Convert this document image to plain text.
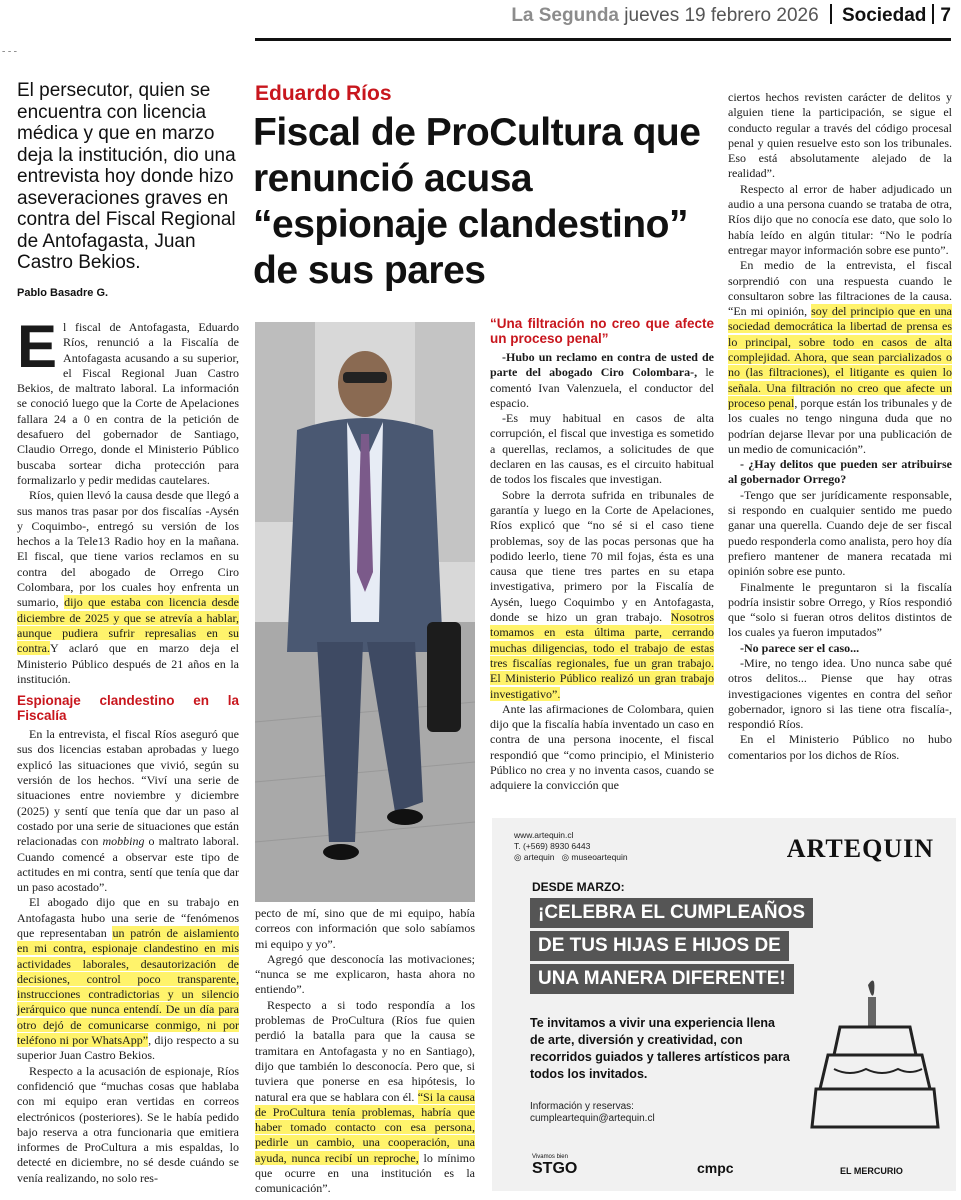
La Segunda jueves 19 febrero 2026 Sociedad 7
- - -

El persecutor, quien se encuentra con licencia médica y que en marzo deja la institución, dio una entrevista hoy donde hizo aseveraciones graves en contra del Fiscal Regional de Antofagasta, Juan Castro Bekios.

Pablo Basadre G.
Eduardo Ríos
Fiscal de ProCultura que renunció acusa “espionaje clandestino” de sus pares

El fiscal de Antofagasta, Eduardo Ríos, renunció a la Fiscalía de Antofagasta acusando a su superior, el Fiscal Regional Juan Castro Bekios, de maltrato laboral. La información se conoció luego que la Corte de Apelaciones fallara 24 a 0 en contra de la petición de desafuero del gobernador de Santiago, Claudio Orrego, donde el Ministerio Público buscaba sortear dicha protección para formalizarlo y pedir medidas cautelares.

Ríos, quien llevó la causa desde que llegó a sus manos tras pasar por dos fiscalías -Aysén y Coquimbo-, entregó su versión de los hechos a la Tele13 Radio hoy en la mañana. El fiscal, que tiene varios reclamos en su contra del abogado de Orrego Ciro Colombara, por los cuales hoy enfrenta un sumario, dijo que estaba con licencia desde diciembre de 2025 y que se atrevía a hablar, aunque pudiera sufrir represalias en su contra.Y aclaró que en marzo deja el Ministerio Público después de 21 años en la institución.

Espionaje clandestino en la Fiscalía

En la entrevista, el fiscal Ríos aseguró que sus dos licencias estaban aprobadas y luego explicó las situaciones que vivió, según su versión de los hechos. “Viví una serie de situaciones entre noviembre y diciembre (2025) y sentí que tenía que dar un paso al costado por una serie de situaciones que están relacionadas con mobbing o maltrato laboral. Cuando comencé a observar este tipo de actitudes en mi contra, sentí que tenía que dar un paso acostado”.

El abogado dijo que en su trabajo en Antofagasta hubo una serie de “fenómenos que representaban un patrón de aislamiento en mi contra, espionaje clandestino en mis actividades laborales, desautorización de decisiones, control poco transparente, instrucciones contradictorias y un silencio jerárquico que nunca entendí. De un día para otro dejó de comunicarse conmigo, ni por teléfono ni por WhatsApp”, dijo respecto a su superior Juan Castro Bekios.

Respecto a la acusación de espionaje, Ríos confidenció que “muchas cosas que hablaba con mi equipo eran vertidas en correos electrónicos (posteriores). Se le había pedido bajo reserva a otra funcionaria que emitiera informes de ProCultura a mis espaldas, lo detecté en diciembre, no sé desde cuándo se venía realizando, no solo res-

pecto de mí, sino que de mi equipo, había correos con información que solo sabíamos mi equipo y yo”.

Agregó que desconocía las motivaciones; “nunca se me explicaron, hasta ahora no entiendo”.

Respecto a si todo respondía a los problemas de ProCultura (Ríos fue quien perdió la batalla para que la causa se tramitara en Antofagasta y no en Santiago), dijo que también lo desconocía. Pero que, si tuviera que ponerse en esa hipótesis, lo natural era que se hablara con él. “Si la causa de ProCultura tenía problemas, habría que haber tomado contacto con esa persona, pedirle un cambio, una cooperación, una ayuda, nunca recibí un reproche, lo mínimo que ocurre en una institución es la comunicación”.

“Una filtración no creo que afecte un proceso penal”

-Hubo un reclamo en contra de usted de parte del abogado Ciro Colombara-, le comentó Ivan Valenzuela, el conductor del espacio.

-Es muy habitual en casos de alta corrupción, el fiscal que investiga es sometido a querellas, reclamos, a solicitudes de que declaren en las causas, es el circuito habitual de todos los fiscales que investigan.

Sobre la derrota sufrida en tribunales de garantía y luego en la Corte de Apelaciones, Ríos explicó que “no sé si el caso tiene problemas, soy de las pocas personas que ha podido leerlo, tiene 70 mil fojas, ésta es una causa que tiene tres partes en su etapa investigativa, primero por la Fiscalía de Aysén, luego Coquimbo y en Antofagasta, donde se hizo un gran trabajo. Nosotros tomamos en esta última parte, cerrando muchas diligencias, todo el trabajo de estas tres fiscalías regionales, fue un gran trabajo. El Ministerio Público realizó un gran trabajo investigativo”.

Ante las afirmaciones de Colombara, quien dijo que la fiscalía había inventado un caso en contra de una persona inocente, el fiscal respondió que “como principio, el Ministerio Público no crea y no inventa casos, cuando se adquiere la convicción que

ciertos hechos revisten carácter de delitos y alguien tiene la participación, se sigue el conducto regular a través del código procesal penal y quien resuelve esto son los tribunales. Eso está absolutamente alejado de la realidad”.

Respecto al error de haber adjudicado un audio a una persona cuando se trataba de otra, Ríos dijo que no conocía ese dato, que solo lo había leído en algún titular: “No le podría entregar mayor información sobre ese punto”.

En medio de la entrevista, el fiscal sorprendió con una respuesta cuando le consultaron sobre las filtraciones de la causa. “En mi opinión, soy del principio que en una sociedad democrática la libertad de prensa es lo principal, sobre todo en casos de alta complejidad. Ahora, que sean parcializados o no (las filtraciones), el litigante es quien lo señala. Una filtración no creo que afecte un proceso penal, porque están los tribunales y de los cuales no tengo ninguna duda que no podrían dejarse llevar por una publicación de un medio de comunicación”.

- ¿Hay delitos que pueden ser atribuirse al gobernador Orrego?

-Tengo que ser jurídicamente responsable, si respondo en cualquier sentido me puedo ganar una querella. Cuando deje de ser fiscal puedo responderla como analista, pero hoy día prefiero mantener de manera recatada mi opinión sobre ese punto.

Finalmente le preguntaron si la fiscalía podría insistir sobre Orrego, y Ríos respondió que “solo si fueran otros delitos distintos de los cuales ya fueron imputados”

-No parece ser el caso...

-Mire, no tengo idea. Uno nunca sabe qué otros delitos... Piense que hay otras investigaciones vigentes en contra del señor gobernador, ignoro si las tiene otra fiscalía-, respondió Ríos.

En el Ministerio Público no hubo comentarios por los dichos de Ríos.

www.artequin.cl
T. (+569) 8930 6443
◎ artequin ◎ museoartequin	ARTEQUIN
DESDE MARZO:
¡CELEBRA EL CUMPLEAÑOS
DE TUS HIJAS E HIJOS DE
UNA MANERA DIFERENTE!
Te invitamos a vivir una experiencia llena de arte, diversión y creatividad, con recorridos guiados y talleres artísticos para todos los invitados.
Información y reservas:
cumpleartequin@artequin.cl
Vivamos bien
STGO	cmpc	EL MERCURIO
